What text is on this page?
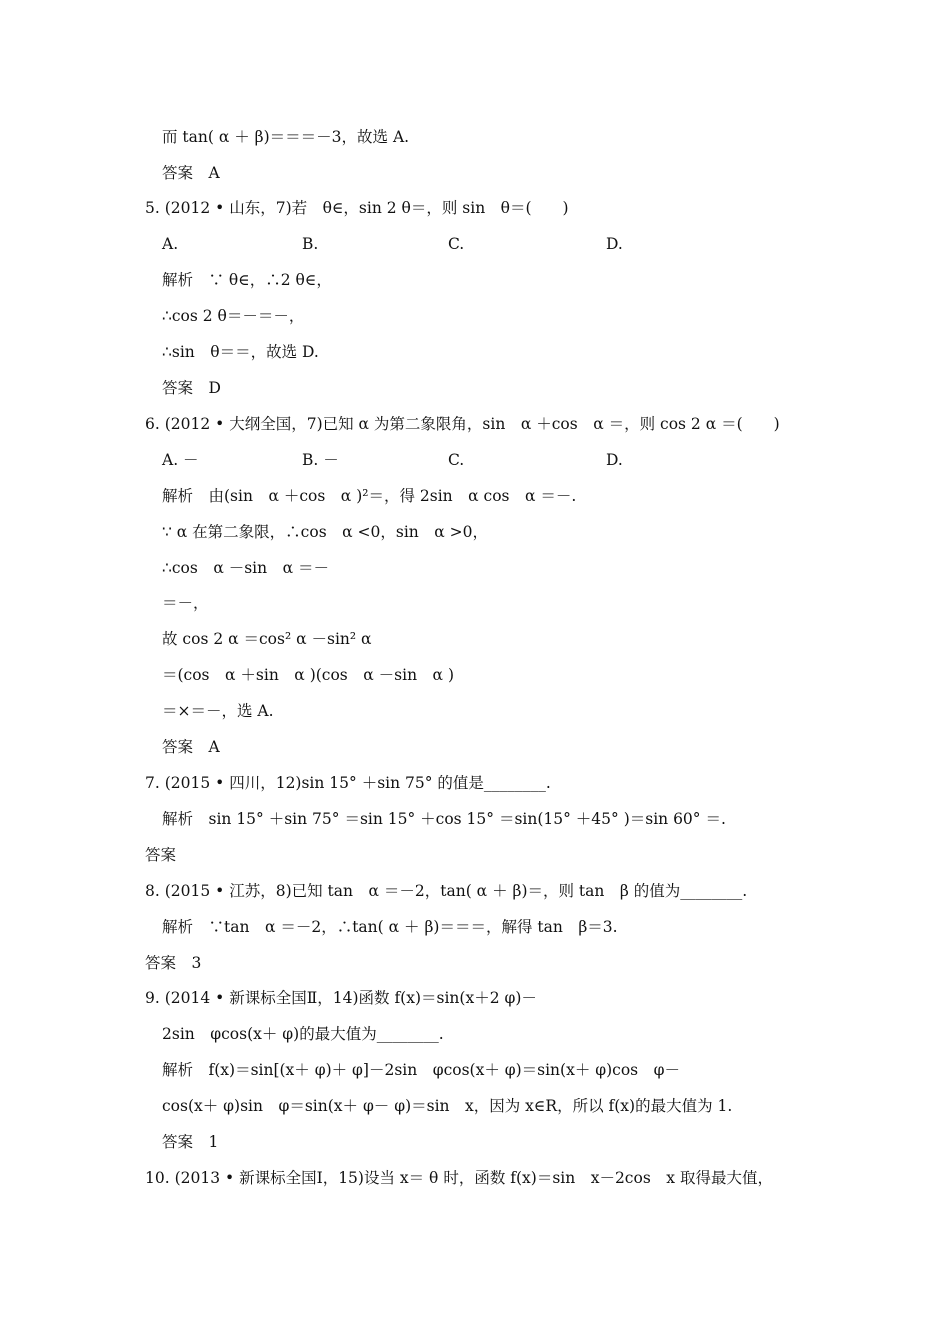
而 tan( α ＋ β)＝＝＝－3，故选 A.
答案　A
5. (2012 • 山东，7)若　θ∈，sin 2 θ＝，则 sin　θ＝(　　)
A.	B.	C.	D.
解析　∵ θ∈，∴2 θ∈，
∴cos 2 θ＝－＝－，
∴sin　θ＝＝，故选 D.
答案　D
6. (2012 • 大纲全国，7)已知 α 为第二象限角，sin　α ＋cos　α ＝，则 cos 2 α ＝(　　)
A. －	B. －	C.	D.
解析　由(sin　α ＋cos　α )²＝，得 2sin　α cos　α ＝－.
∵ α 在第二象限，∴cos　α <0，sin　α >0，
∴cos　α －sin　α ＝－
＝－，
故 cos 2 α ＝cos² α －sin² α
＝(cos　α ＋sin　α )(cos　α －sin　α )
＝×＝－，选 A.
答案　A
7. (2015 • 四川，12)sin 15° ＋sin 75° 的值是________.
解析　sin 15° ＋sin 75° ＝sin 15° ＋cos 15° ＝sin(15° ＋45° )＝sin 60° ＝.
答案
8. (2015 • 江苏，8)已知 tan　α ＝－2，tan( α ＋ β)＝，则 tan　β 的值为________.
解析　∵tan　α ＝－2，∴tan( α ＋ β)＝＝＝，解得 tan　β＝3.
答案　3
9. (2014 • 新课标全国Ⅱ，14)函数 f(x)＝sin(x＋2 φ)－
2sin　φcos(x＋ φ)的最大值为________.
解析　f(x)＝sin[(x＋ φ)＋ φ]－2sin　φcos(x＋ φ)＝sin(x＋ φ)cos　φ－
cos(x＋ φ)sin　φ＝sin(x＋ φ－ φ)＝sin　x，因为 x∈R，所以 f(x)的最大值为 1.
答案　1
10. (2013 • 新课标全国Ⅰ，15)设当 x＝ θ 时，函数 f(x)＝sin　x－2cos　x 取得最大值，
